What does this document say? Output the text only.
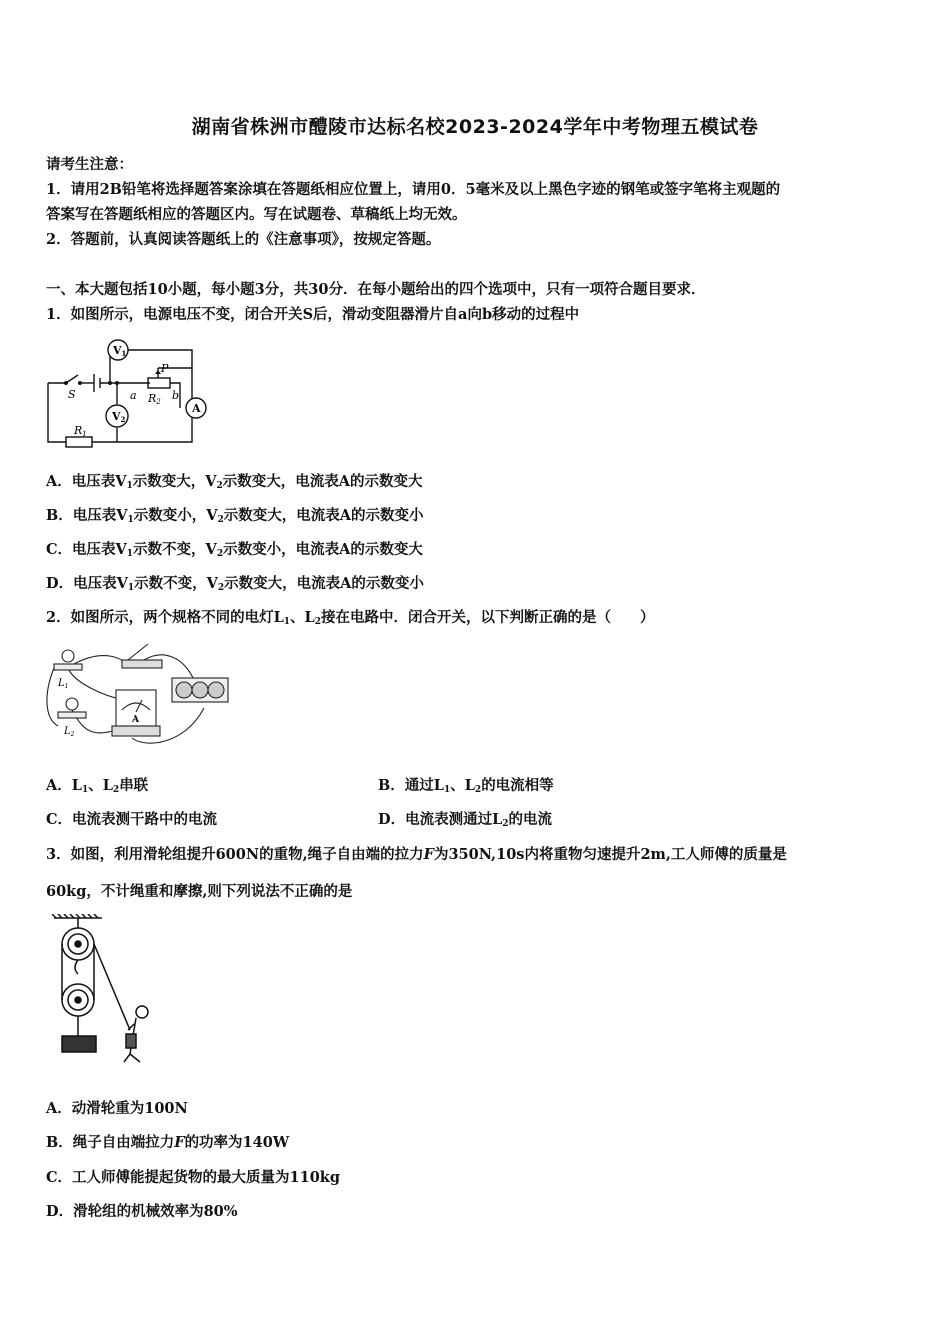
湖南省株洲市醴陵市达标名校2023-2024学年中考物理五模试卷
请考生注意：
1．请用2B铅笔将选择题答案涂填在答题纸相应位置上，请用0．5毫米及以上黑色字迹的钢笔或签字笔将主观题的
答案写在答题纸相应的答题区内。写在试题卷、草稿纸上均无效。
2．答题前，认真阅读答题纸上的《注意事项》，按规定答题。
一、本大题包括10小题，每小题3分，共30分．在每小题给出的四个选项中，只有一项符合题目要求．
1．如图所示，电源电压不变，闭合开关S后，滑动变阻器滑片自a向b移动的过程中
V1
V2
A
S
P
R2
R1
a	b
A．电压表$V_1$示数变大，$V_2$示数变大，电流表A的示数变大
B．电压表$V_1$示数变小，$V_2$示数变大，电流表A的示数变小
C．电压表$V_1$示数不变，$V_2$示数变小，电流表A的示数变大
D．电压表$V_1$示数不变，$V_2$示数变大，电流表A的示数变小
2．如图所示，两个规格不同的电灯$L_1$、$L_2$接在电路中．闭合开关，以下判断正确的是（　　）
$L_1$
$L_2$
A
A．$L_1$、$L_2$串联	B．通过$L_1$、$L_2$的电流相等
C．电流表测干路中的电流	D．电流表测通过$L_2$的电流
3．如图，利用滑轮组提升600N的重物,绳子自由端的拉力F为350N,10s内将重物匀速提升2m,工人师傅的质量是
60kg，不计绳重和摩擦,则下列说法不正确的是
A．动滑轮重为100N
B．绳子自由端拉力F的功率为140W
C．工人师傅能提起货物的最大质量为110kg
D．滑轮组的机械效率为80%
